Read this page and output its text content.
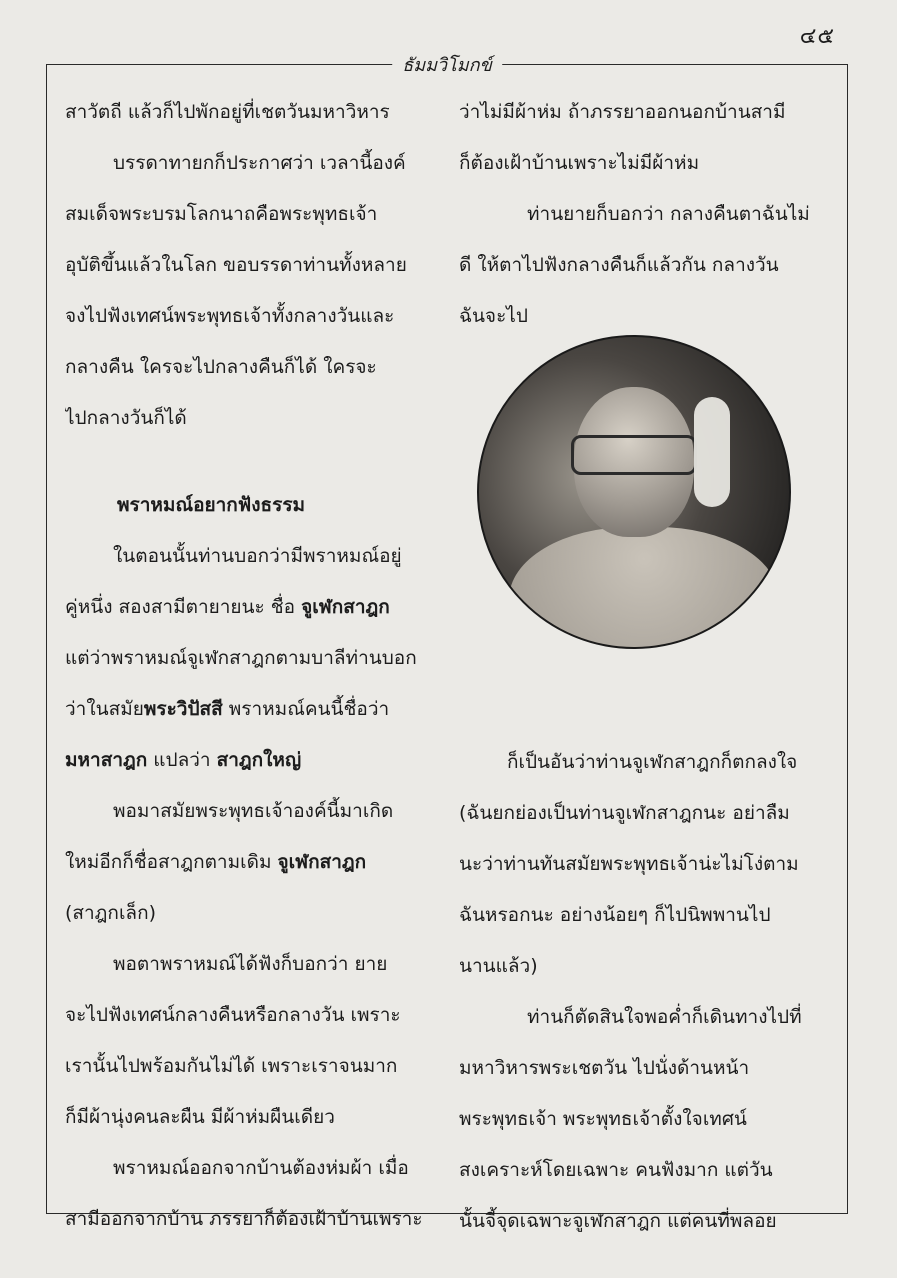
๔๕
ธัมมวิโมกข์
สาวัตถี แล้วก็ไปพักอยู่ที่เชตวันมหาวิหาร
บรรดาทายกก็ประกาศว่า เวลานี้องค์
สมเด็จพระบรมโลกนาถคือพระพุทธเจ้า
อุบัติขึ้นแล้วในโลก ขอบรรดาท่านทั้งหลาย
จงไปฟังเทศน์พระพุทธเจ้าทั้งกลางวันและ
กลางคืน ใครจะไปกลางคืนก็ได้ ใครจะ
ไปกลางวันก็ได้
พราหมณ์อยากฟังธรรม
ในตอนนั้นท่านบอกว่ามีพราหมณ์อยู่
คู่หนึ่ง สองสามีตายายนะ ชื่อ จูเฬกสาฎก
แต่ว่าพราหมณ์จูเฬกสาฎกตามบาลีท่านบอก
ว่าในสมัยพระวิปัสสี พราหมณ์คนนี้ชื่อว่า
มหาสาฎก แปลว่า สาฎกใหญ่
พอมาสมัยพระพุทธเจ้าองค์นี้มาเกิด
ใหม่อีกก็ชื่อสาฎกตามเดิม จูเฬกสาฎก
(สาฎกเล็ก)
พอตาพราหมณ์ได้ฟังก็บอกว่า ยาย
จะไปฟังเทศน์กลางคืนหรือกลางวัน เพราะ
เรานั้นไปพร้อมกันไม่ได้ เพราะเราจนมาก
ก็มีผ้านุ่งคนละผืน มีผ้าห่มผืนเดียว
พราหมณ์ออกจากบ้านต้องห่มผ้า เมื่อ
สามีออกจากบ้าน ภรรยาก็ต้องเฝ้าบ้านเพราะ
ว่าไม่มีผ้าห่ม ถ้าภรรยาออกนอกบ้านสามี
ก็ต้องเฝ้าบ้านเพราะไม่มีผ้าห่ม
ท่านยายก็บอกว่า กลางคืนตาฉันไม่
ดี ให้ตาไปฟังกลางคืนก็แล้วกัน กลางวัน
ฉันจะไป
ก็เป็นอันว่าท่านจูเฬกสาฎกก็ตกลงใจ
(ฉันยกย่องเป็นท่านจูเฬกสาฎกนะ อย่าลืม
นะว่าท่านทันสมัยพระพุทธเจ้าน่ะไม่โง่ตาม
ฉันหรอกนะ อย่างน้อยๆ ก็ไปนิพพานไป
นานแล้ว)
ท่านก็ตัดสินใจพอค่ำก็เดินทางไปที่
มหาวิหารพระเชตวัน ไปนั่งด้านหน้า
พระพุทธเจ้า พระพุทธเจ้าตั้งใจเทศน์
สงเคราะห์โดยเฉพาะ คนฟังมาก แต่วัน
นั้นจี้จุดเฉพาะจูเฬกสาฎก แต่คนที่พลอย
